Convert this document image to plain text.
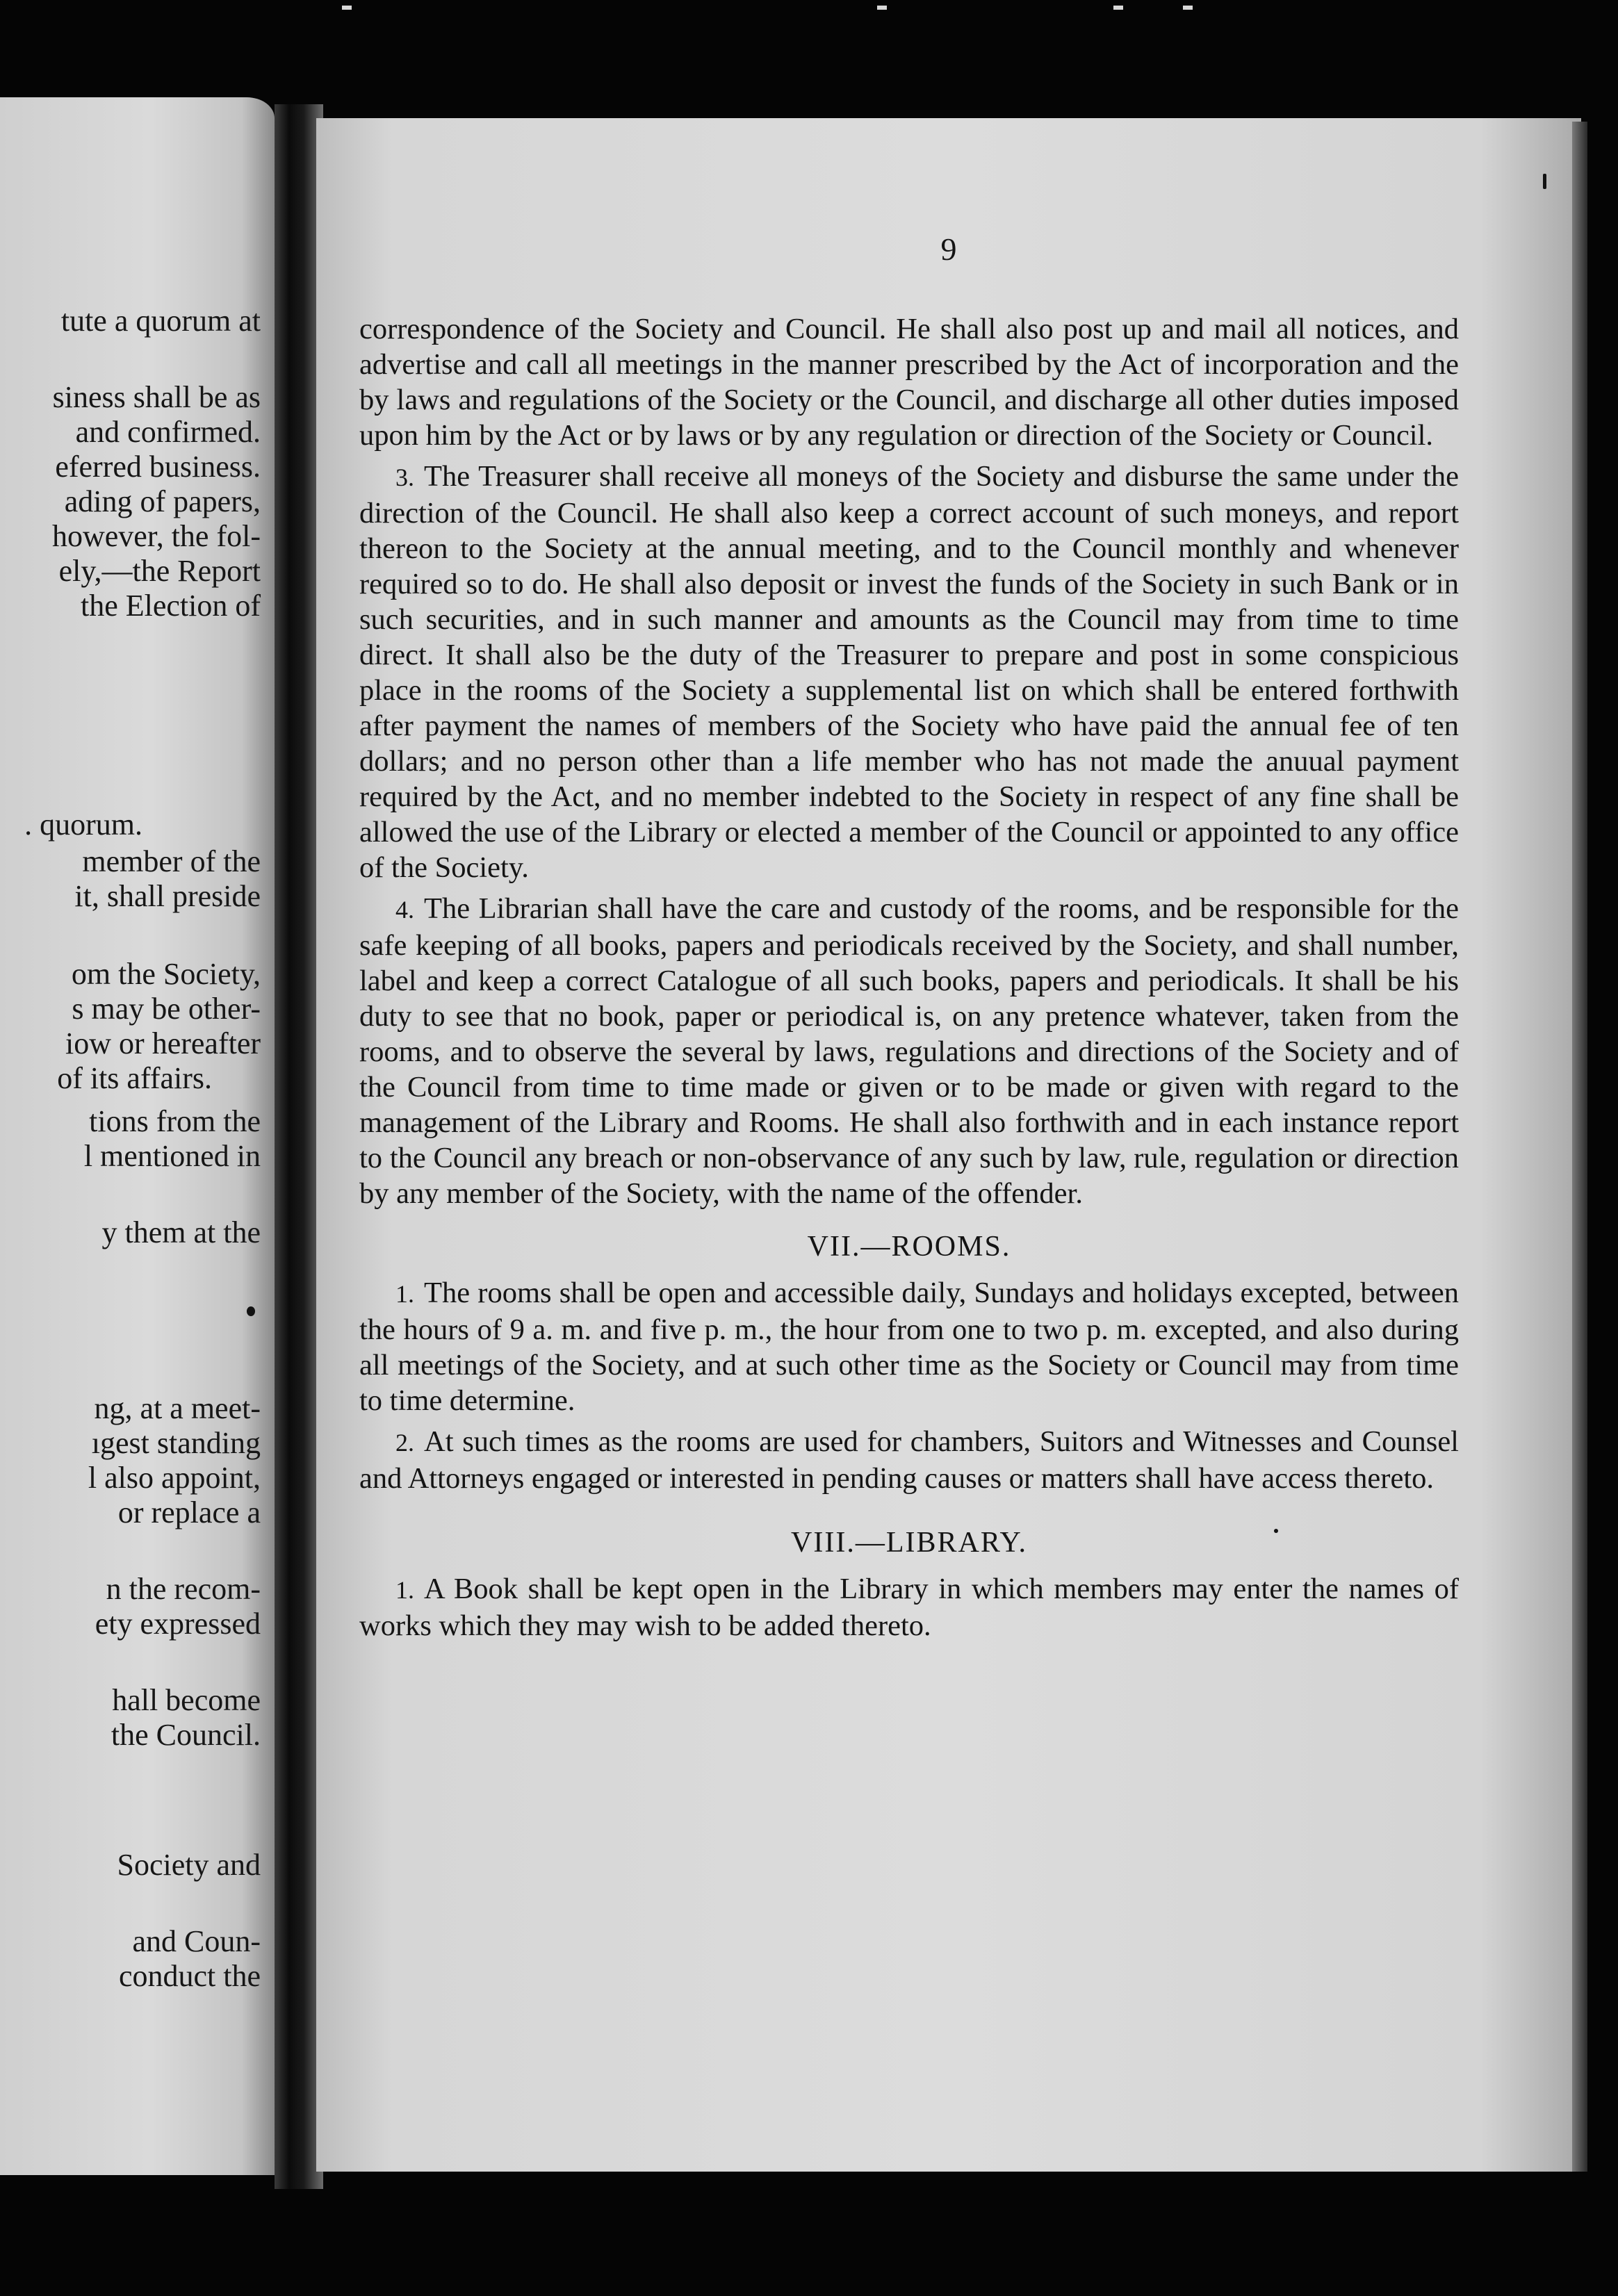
tute a quorum at
siness shall be as
and confirmed.
eferred business.
ading of papers,
however, the fol-
ely,—the Report
the Election of
. quorum.
member of the
it, shall preside
om the Society,
s may be other-
iow or hereafter
of its affairs.
tions from the
l mentioned in
y them at the
ng, at a meet-
ıgest standing
l also appoint,
or replace a
n the recom-
ety expressed
hall become
the Council.
Society and
and Coun-
conduct the
9

correspondence of the Society and Council. He shall also post up and mail all notices, and advertise and call all meetings in the manner prescribed by the Act of incorporation and the by laws and regulations of the Society or the Council, and discharge all other duties imposed upon him by the Act or by laws or by any regulation or direction of the Society or Council.

3. The Treasurer shall receive all moneys of the Society and disburse the same under the direction of the Council. He shall also keep a correct account of such moneys, and report thereon to the Society at the annual meeting, and to the Council monthly and whenever required so to do. He shall also deposit or invest the funds of the Society in such Bank or in such securities, and in such manner and amounts as the Council may from time to time direct. It shall also be the duty of the Treasurer to prepare and post in some conspicious place in the rooms of the Society a supplemental list on which shall be entered forthwith after payment the names of members of the Society who have paid the annual fee of ten dollars; and no person other than a life member who has not made the anuual payment required by the Act, and no member indebted to the Society in respect of any fine shall be allowed the use of the Library or elected a member of the Council or appointed to any office of the Society.

4. The Librarian shall have the care and custody of the rooms, and be responsible for the safe keeping of all books, papers and periodicals received by the Society, and shall number, label and keep a correct Catalogue of all such books, papers and periodicals. It shall be his duty to see that no book, paper or periodical is, on any pretence whatever, taken from the rooms, and to observe the several by laws, regulations and directions of the Society and of the Council from time to time made or given or to be made or given with regard to the management of the Library and Rooms. He shall also forthwith and in each instance report to the Council any breach or non-observance of any such by law, rule, regulation or direction by any member of the Society, with the name of the offender.

VII.—ROOMS.

1. The rooms shall be open and accessible daily, Sundays and holidays excepted, between the hours of 9 a. m. and five p. m., the hour from one to two p. m. excepted, and also during all meetings of the Society, and at such other time as the Society or Council may from time to time determine.

2. At such times as the rooms are used for chambers, Suitors and Witnesses and Counsel and Attorneys engaged or interested in pending causes or matters shall have access thereto.

VIII.—LIBRARY.

1. A Book shall be kept open in the Library in which members may enter the names of works which they may wish to be added thereto.
